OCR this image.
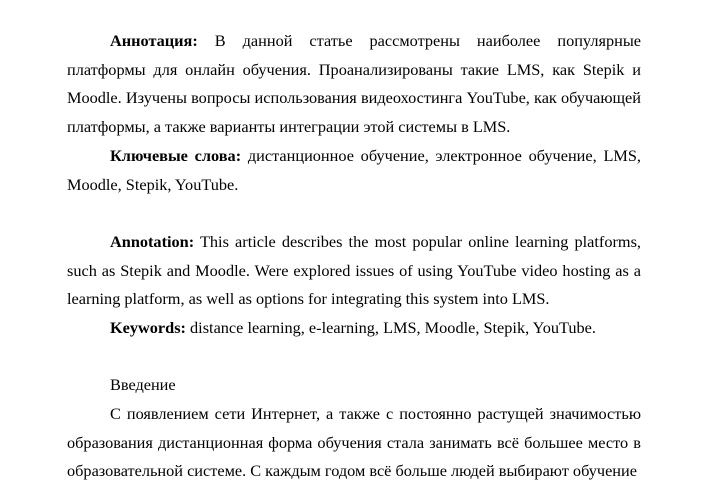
Аннотация: В данной статье рассмотрены наиболее популярные платформы для онлайн обучения. Проанализированы такие LMS, как Stepik и Moodle. Изучены вопросы использования видеохостинга YouTube, как обучающей платформы, а также варианты интеграции этой системы в LMS.

Ключевые слова: дистанционное обучение, электронное обучение, LMS, Moodle, Stepik, YouTube.

Annotation: This article describes the most popular online learning platforms, such as Stepik and Moodle. Were explored issues of using YouTube video hosting as a learning platform, as well as options for integrating this system into LMS.

Keywords: distance learning, e-learning, LMS, Moodle, Stepik, YouTube.

Введение

С появлением сети Интернет, а также с постоянно растущей значимостью образования дистанционная форма обучения стала занимать всё большее место в образовательной системе. С каждым годом всё больше людей выбирают обучение
